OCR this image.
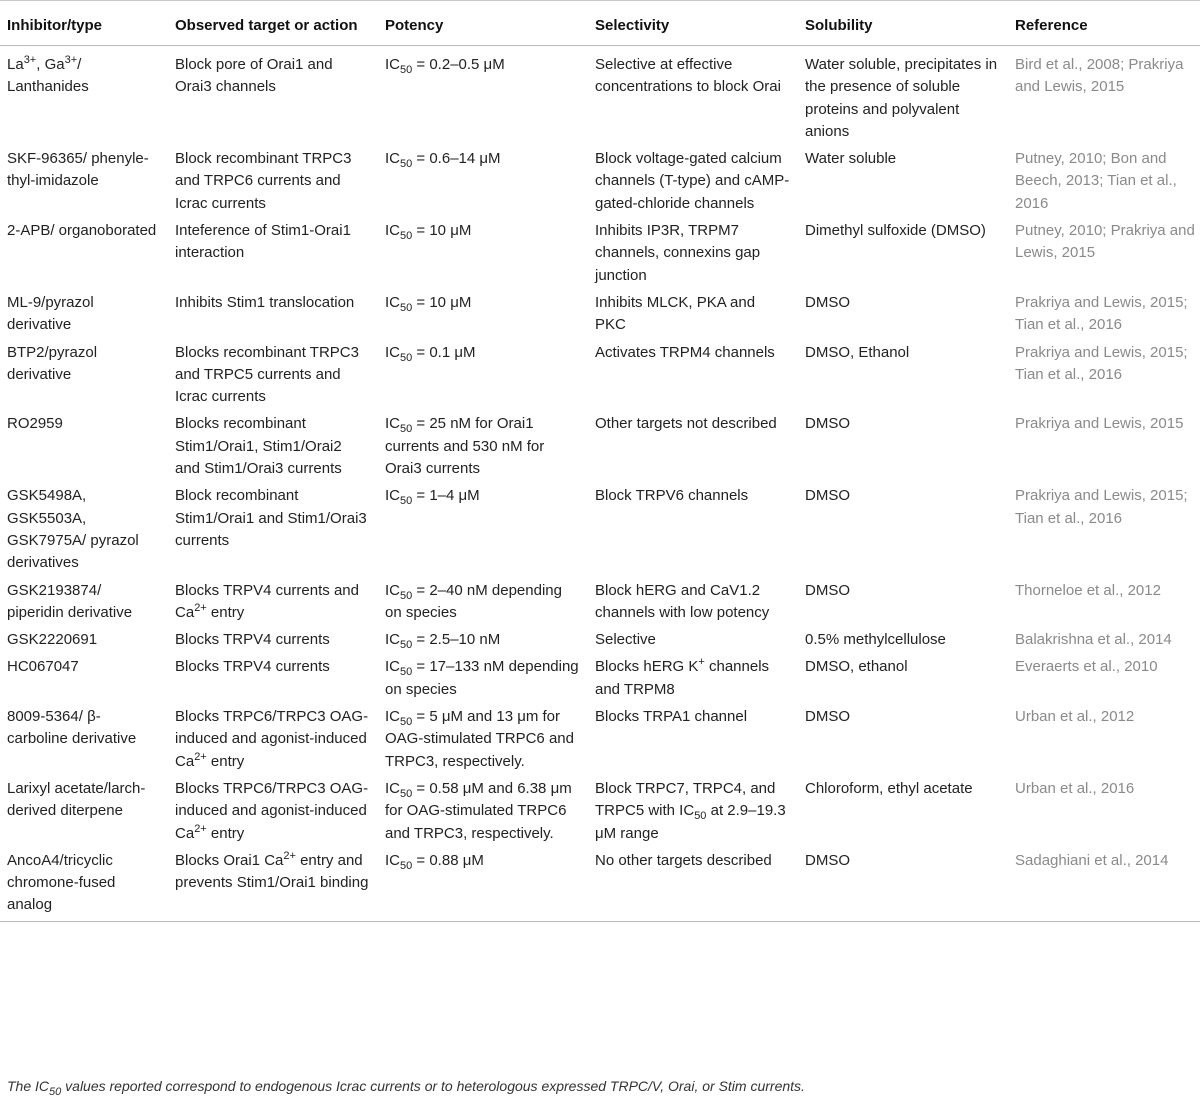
Inhibitor/type	Observed target or action	Potency	Selectivity	Solubility	Reference
$La^{3+}$, $Ga^{3+}/$ Lanthanides	Block pore of Orai1 and Orai3 channels	$IC_{50} = 0.2-0.5$ μM	Selective at effective concentrations to block Orai	Water soluble, precipitates in the presence of soluble proteins and polyvalent anions	Bird et al., 2008; Prakriya and Lewis, 2015
SKF-96365/ phenyle-thyl-imidazole	Block recombinant TRPC3 and TRPC6 currents and Icrac currents	$IC_{50} = 0.6-14$ μM	Block voltage-gated calcium channels (T-type) and cAMP-gated-chloride channels	Water soluble	Putney, 2010; Bon and Beech, 2013; Tian et al., 2016
2-APB/ organoborated	Inteference of Stim1-Orai1 interaction	$IC_{50} = 10$ μM	Inhibits IP3R, TRPM7 channels, connexins gap junction	Dimethyl sulfoxide (DMSO)	Putney, 2010; Prakriya and Lewis, 2015
ML-9/pyrazol derivative	Inhibits Stim1 translocation	$IC_{50} = 10$ μM	Inhibits MLCK, PKA and PKC	DMSO	Prakriya and Lewis, 2015; Tian et al., 2016
BTP2/pyrazol derivative	Blocks recombinant TRPC3 and TRPC5 currents and Icrac currents	$IC_{50} = 0.1$ μM	Activates TRPM4 channels	DMSO, Ethanol	Prakriya and Lewis, 2015; Tian et al., 2016
RO2959	Blocks recombinant Stim1/Orai1, Stim1/Orai2 and Stim1/Orai3 currents	$IC_{50} = 25$ nM for Orai1 currents and 530 nM for Orai3 currents	Other targets not described	DMSO	Prakriya and Lewis, 2015
GSK5498A, GSK5503A, GSK7975A/ pyrazol derivatives	Block recombinant Stim1/Orai1 and Stim1/Orai3 currents	$IC_{50} = 1-4$ μM	Block TRPV6 channels	DMSO	Prakriya and Lewis, 2015; Tian et al., 2016
GSK2193874/ piperidin derivative	Blocks TRPV4 currents and $Ca^{2+}$ entry	$IC_{50} = 2-40$ nM depending on species	Block hERG and CaV1.2 channels with low potency	DMSO	Thorneloe et al., 2012
GSK2220691	Blocks TRPV4 currents	$IC_{50} = 2.5-10$ nM	Selective	0.5% methylcellulose	Balakrishna et al., 2014
HC067047	Blocks TRPV4 currents	$IC_{50} = 17-133$ nM depending on species	Blocks hERG K+ channels and TRPM8	DMSO, ethanol	Everaerts et al., 2010
8009-5364/ β-carboline derivative	Blocks TRPC6/TRPC3 OAG-induced and agonist-induced $Ca^{2+}$ entry	$IC_{50} = 5$ μM and 13 μm for OAG-stimulated TRPC6 and TRPC3, respectively.	Blocks TRPA1 channel	DMSO	Urban et al., 2012
Larixyl acetate/larch-derived diterpene	Blocks TRPC6/TRPC3 OAG-induced and agonist-induced $Ca^{2+}$ entry	$IC_{50} = 0.58$ μM and 6.38 μm for OAG-stimulated TRPC6 and TRPC3, respectively.	Block TRPC7, TRPC4, and TRPC5 with $IC_{50}$ at 2.9–19.3 μM range	Chloroform, ethyl acetate	Urban et al., 2016
AncoA4/tricyclic chromone-fused analog	Blocks Orai1 $Ca^{2+}$ entry and prevents Stim1/Orai1 binding	$IC_{50} = 0.88$ μM	No other targets described	DMSO	Sadaghiani et al., 2014
The $IC_{50}$ values reported correspond to endogenous Icrac currents or to heterologous expressed TRPC/V, Orai, or Stim currents.
